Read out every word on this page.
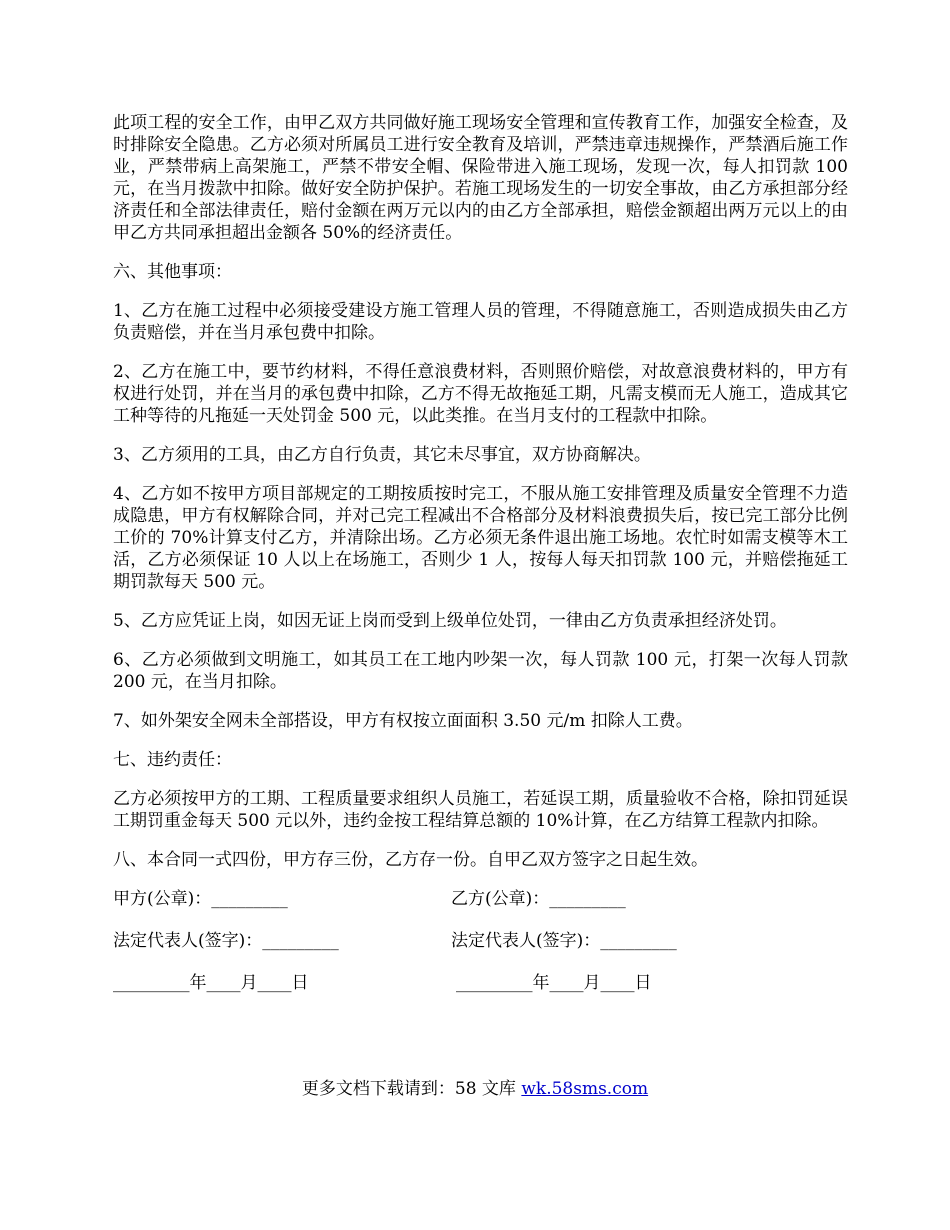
此项工程的安全工作，由甲乙双方共同做好施工现场安全管理和宣传教育工作，加强安全检查，及时排除安全隐患。乙方必须对所属员工进行安全教育及培训，严禁违章违规操作，严禁酒后施工作业，严禁带病上高架施工，严禁不带安全帽、保险带进入施工现场，发现一次，每人扣罚款 100 元，在当月拨款中扣除。做好安全防护保护。若施工现场发生的一切安全事故，由乙方承担部分经济责任和全部法律责任，赔付金额在两万元以内的由乙方全部承担，赔偿金额超出两万元以上的由甲乙方共同承担超出金额各 50%的经济责任。

六、其他事项：

1、乙方在施工过程中必须接受建设方施工管理人员的管理，不得随意施工，否则造成损失由乙方负责赔偿，并在当月承包费中扣除。

2、乙方在施工中，要节约材料，不得任意浪费材料，否则照价赔偿，对故意浪费材料的，甲方有权进行处罚，并在当月的承包费中扣除，乙方不得无故拖延工期，凡需支模而无人施工，造成其它工种等待的凡拖延一天处罚金 500 元，以此类推。在当月支付的工程款中扣除。

3、乙方须用的工具，由乙方自行负责，其它未尽事宜，双方协商解决。

4、乙方如不按甲方项目部规定的工期按质按时完工，不服从施工安排管理及质量安全管理不力造成隐患，甲方有权解除合同，并对己完工程减出不合格部分及材料浪费损失后，按已完工部分比例工价的 70%计算支付乙方，并清除出场。乙方必须无条件退出施工场地。农忙时如需支模等木工活，乙方必须保证 10 人以上在场施工，否则少 1 人，按每人每天扣罚款 100 元，并赔偿拖延工期罚款每天 500 元。

5、乙方应凭证上岗，如因无证上岗而受到上级单位处罚，一律由乙方负责承担经济处罚。

6、乙方必须做到文明施工，如其员工在工地内吵架一次，每人罚款 100 元，打架一次每人罚款 200 元，在当月扣除。

7、如外架安全网未全部搭设，甲方有权按立面面积 3.50 元/m 扣除人工费。

七、违约责任：

乙方必须按甲方的工期、工程质量要求组织人员施工，若延误工期，质量验收不合格，除扣罚延误工期罚重金每天 500 元以外，违约金按工程结算总额的 10%计算，在乙方结算工程款内扣除。

八、本合同一式四份，甲方存三份，乙方存一份。自甲乙双方签字之日起生效。

甲方(公章)：_________	乙方(公章)：_________
法定代表人(签字)：_________	法定代表人(签字)：_________
_________年____月____日	_________年____月____日
更多文档下载请到：58 文库 wk.58sms.com
